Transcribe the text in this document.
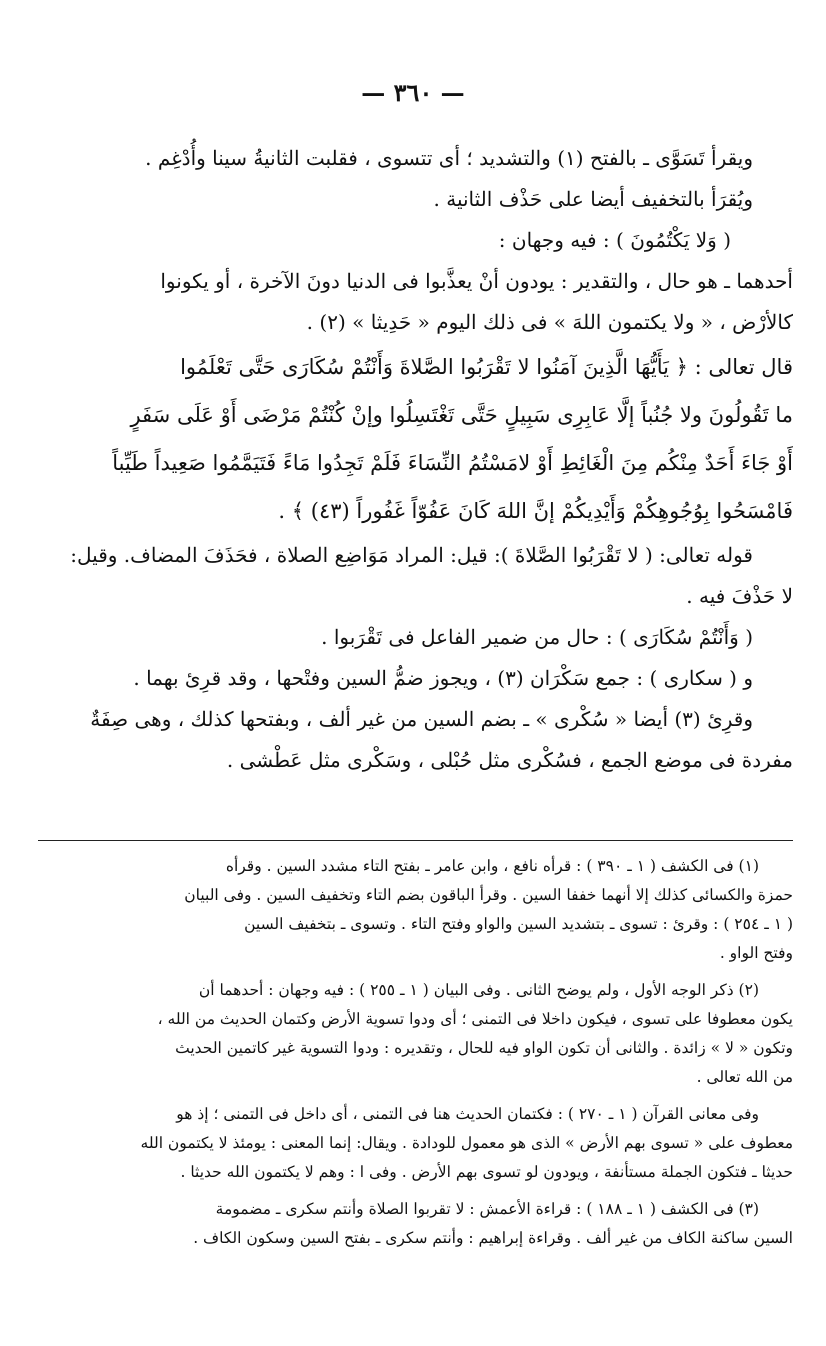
— ٣٦٠ —

ويقرأ تَسَوَّى ـ بالفتح (١) والتشديد ؛ أى تتسوى ، فقلبت الثانيةُ سينا وأُدْغِم .

ويُقرَأ بالتخفيف أيضا على حَذْف الثانية .

( وَلا يَكْتُمُونَ ) : فيه وجهان :

أحدهما ـ هو حال ، والتقدير : يودون أنْ يعذَّبوا فى الدنيا دونَ الآخرة ، أو يكونوا

كالأرْض ، « ولا يكتمون اللهَ » فى ذلك اليوم « حَدِيثا » (٢) .

قال تعالى : ﴿ يَأَيُّهَا الَّذِينَ آمَنُوا لا تَقْرَبُوا الصَّلاةَ وَأَنْتُمْ سُكَارَى حَتَّى تَعْلَمُوا

ما تَقُولُونَ ولا جُنُباً إلَّا عَابِرِى سَبِيلٍ حَتَّى تَغْتَسِلُوا وإنْ كُنْتُمْ مَرْضَى أَوْ عَلَى سَفَرٍ

أَوْ جَاءَ أَحَدٌ مِنْكُم مِنَ الْغَائِطِ أَوْ لامَسْتُمُ النِّسَاءَ فَلَمْ تَجِدُوا مَاءً فَتَيَمَّمُوا صَعِيداً طَيِّباً

فَامْسَحُوا بِوُجُوهِكُمْ وَأَيْدِيكُمْ إنَّ اللهَ كَانَ عَفُوّاً غَفُوراً (٤٣) ﴾ .

قوله تعالى: ( لا تَقْرَبُوا الصَّلاةَ ): قيل: المراد مَوَاضِع الصلاة ، فحَذَفَ المضاف. وقيل:

لا حَذْفَ فيه .

( وَأَنْتُمْ سُكَارَى ) : حال من ضمير الفاعل فى تَقْرَبوا .

و ( سكارى ) : جمع سَكْرَان (٣) ، ويجوز ضمُّ السين وفتْحها ، وقد قرِئ بهما .

وقرِئ (٣) أيضا « سُكْرى » ـ بضم السين من غير ألف ، وبفتحها كذلك ، وهى صِفَةٌ

مفردة فى موضع الجمع ، فسُكْرى مثل حُبْلى ، وسَكْرى مثل عَطْشى .

(١) فى الكشف ( ١ ـ ٣٩٠ ) : قرأه نافع ، وابن عامر ـ بفتح التاء مشدد السين . وقرأه

حمزة والكسائى كذلك إلا أنهما خففا السين . وقرأ الباقون بضم التاء وتخفيف السين . وفى البيان

( ١ ـ ٢٥٤ ) : وقرئ : تسوى ـ بتشديد السين والواو وفتح التاء . وتسوى ـ بتخفيف السين

وفتح الواو .

(٢) ذكر الوجه الأول ، ولم يوضح الثانى . وفى البيان ( ١ ـ ٢٥٥ ) : فيه وجهان : أحدهما أن

يكون معطوفا على تسوى ، فيكون داخلا فى التمنى ؛ أى ودوا تسوية الأرض وكتمان الحديث من الله ،

وتكون « لا » زائدة . والثانى أن تكون الواو فيه للحال ، وتقديره : ودوا التسوية غير كاتمين الحديث

من الله تعالى .

وفى معانى القرآن ( ١ ـ ٢٧٠ ) : فكتمان الحديث هنا فى التمنى ، أى داخل فى التمنى ؛ إذ هو

معطوف على « تسوى بهم الأرض » الذى هو معمول للودادة . ويقال: إنما المعنى : يومئذ لا يكتمون الله

حديثا ـ فتكون الجملة مستأنفة ، ويودون لو تسوى بهم الأرض . وفى ا : وهم لا يكتمون الله حديثا .

(٣) فى الكشف ( ١ ـ ١٨٨ ) : قراءة الأعمش : لا تقربوا الصلاة وأنتم سكرى ـ مضمومة

السين ساكنة الكاف من غير ألف . وقراءة إبراهيم : وأنتم سكرى ـ بفتح السين وسكون الكاف .
